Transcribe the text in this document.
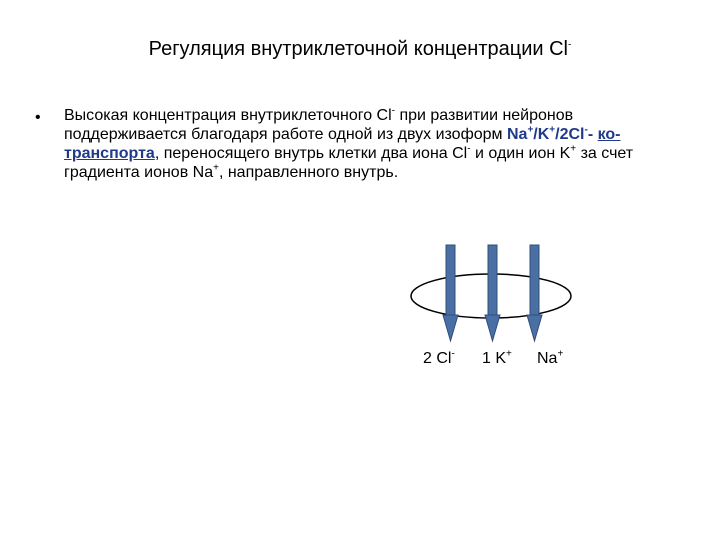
Регуляция внутриклеточной концентрации Cl-
• Высокая концентрация внутриклеточного Cl- при развитии нейронов поддерживается благодаря работе одной из двух изоформ Na+/K+/2Cl-- ко-транспорта, переносящего внутрь клетки два иона Cl- и один ион K+ за счет градиента ионов Na+, направленного внутрь.
2 Cl- 1 K+ Na+
